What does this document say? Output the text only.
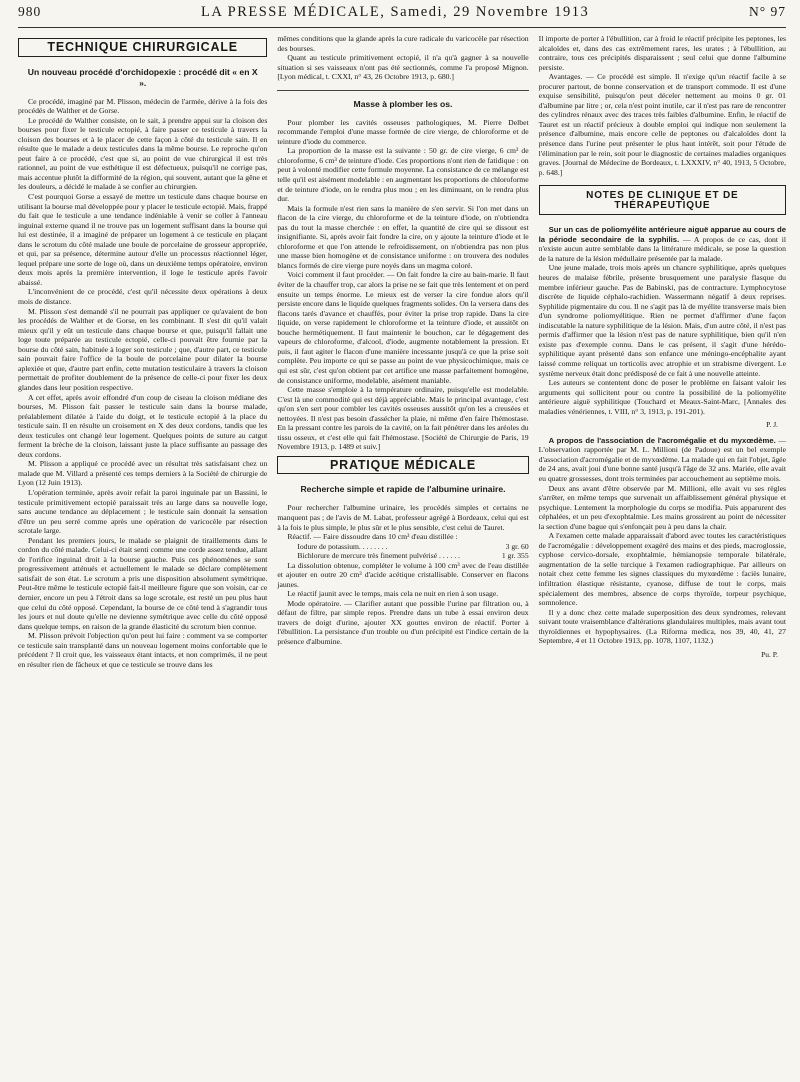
980	LA PRESSE MÉDICALE, Samedi, 29 Novembre 1913	N° 97
TECHNIQUE CHIRURGICALE
Un nouveau procédé d'orchidopexie : procédé dit « en X ».

Ce procédé, imaginé par M. Plisson, médecin de l'armée, dérive à la fois des procédés de Walther et de Gorse.

Le procédé de Walther consiste, on le sait, à prendre appui sur la cloison des bourses pour fixer le testicule ectopié, à faire passer ce testicule à travers la cloison des bourses et à le placer de cette façon à côté du testicule sain. Il en résulte que le malade a deux testicules dans la même bourse. Le reproche qu'on peut faire à ce procédé, c'est que si, au point de vue chirurgical il est très rationnel, au point de vue esthétique il est défectueux, puisqu'il ne corrige pas, mais accentue plutôt la difformité de la région, qui souvent, autant que la gêne et les douleurs, a décidé le malade à se confier au chirurgien.

C'est pourquoi Gorse a essayé de mettre un testicule dans chaque bourse en utilisant la bourse mal développée pour y placer le testicule ectopié. Mais, frappé du fait que le testicule a une tendance indéniable à venir se coller à l'anneau inguinal externe quand il ne trouve pas un logement suffisant dans la bourse qui lui est destinée, il a imaginé de préparer un logement à ce testicule en plaçant dans le scrotum du côté malade une boule de porcelaine de grosseur appropriée, et qui, par sa présence, détermine autour d'elle un processus réactionnel léger, lequel prépare une sorte de loge où, dans un deuxième temps opératoire, environ deux mois après la première intervention, il loge le testicule après l'avoir abaissé.

L'inconvénient de ce procédé, c'est qu'il nécessite deux opérations à deux mois de distance.

M. Plisson s'est demandé s'il ne pourrait pas appliquer ce qu'avaient de bon les procédés de Walther et de Gorse, en les combinant. Il s'est dit qu'il valait mieux qu'il y eût un testicule dans chaque bourse et que, puisqu'il fallait une loge toute préparée au testicule ectopié, celle-ci pouvait être fournie par la bourse du côté sain, habituée à loger son testicule ; que, d'autre part, ce testicule sain pouvait faire l'office de la boule de porcelaine pour dilater la bourse aplexiée et que, d'autre part enfin, cette mutation testiculaire à travers la cloison permettait de profiter doublement de la présence de celle-ci pour fixer les deux glandes dans leur position respective.

A cet effet, après avoir effondré d'un coup de ciseau la cloison médiane des bourses, M. Plisson fait passer le testicule sain dans la bourse malade, préalablement dilatée à l'aide du doigt, et le testicule ectopié à la place du testicule sain. Il en résulte un croisement en X des deux cordons, tandis que les deux testicules ont changé leur logement. Quelques points de suture au catgut ferment la brèche de la cloison, laissant juste la place suffisante au passage des deux cordons.

M. Plisson a appliqué ce procédé avec un résultat très satisfaisant chez un malade que M. Villard a présenté ces temps derniers à la Société de chirurgie de Lyon (12 Juin 1913).

L'opération terminée, après avoir refait la paroi inguinale par un Bassini, le testicule primitivement ectopié paraissait très au large dans sa nouvelle loge, sans aucune tendance au déplacement ; le testicule sain donnait la sensation d'être un peu serré comme après une opération de varicocèle par résection scrotale large.

Pendant les premiers jours, le malade se plaignit de tiraillements dans le cordon du côté malade. Celui-ci était senti comme une corde assez tendue, allant de l'orifice inguinal droit à la bourse gauche. Puis ces phénomènes se sont progressivement atténués et actuellement le malade se déclare complètement satisfait de son état. Le scrotum a pris une disposition absolument symétrique. Peut-être même le testicule ectopié fait-il meilleure figure que son voisin, car ce dernier, encore un peu à l'étroit dans sa loge scrotale, est resté un peu plus haut que celui du côté opposé. Cependant, la bourse de ce côté tend à s'agrandir tous les jours et nul doute qu'elle ne devienne symétrique avec celle du côté opposé dans quelque temps, en raison de la grande élasticité du scrotum bien connue.

M. Plisson prévoit l'objection qu'on peut lui faire : comment va se comporter ce testicule sain transplanté dans un nouveau logement moins confortable que le précédent ? Il croit que, les vaisseaux étant intacts, et non comprimés, il ne peut en résulter rien de fâcheux et que ce testicule se trouve dans les

mêmes conditions que la glande après la cure radicale du varicocèle par résection des bourses.

Quant au testicule primitivement ectopié, il n'a qu'à gagner à sa nouvelle situation si ses vaisseaux n'ont pas été sectionnés, comme l'a proposé Mignon. [Lyon médical, t. CXXI, n° 43, 26 Octobre 1913, p. 680.]

Masse à plomber les os.

Pour plomber les cavités osseuses pathologiques, M. Pierre Delbet recommande l'emploi d'une masse formée de cire vierge, de chloroforme et de teinture d'iode du commerce.

La proportion de la masse est la suivante : 50 gr. de cire vierge, 6 cm³ de chloroforme, 6 cm³ de teinture d'iode. Ces proportions n'ont rien de fatidique : on peut à volonté modifier cette formule moyenne. La consistance de ce mélange est telle qu'il est aisément modelable : en augmentant les proportions de chloroforme et de teinture d'iode, on le rendra plus mou ; en les diminuant, on le rendra plus dur.

Mais la formule n'est rien sans la manière de s'en servir. Si l'on met dans un flacon de la cire vierge, du chloroforme et de la teinture d'iode, on n'obtiendra pas du tout la masse cherchée : en effet, la quantité de cire qui se dissout est insignifiante. Si, après avoir fait fondre la cire, on y ajoute la teinture d'iode et le chloroforme et que l'on attende le refroidissement, on n'obtiendra pas non plus une masse bien homogène et de consistance uniforme : on trouvera des nodules blancs formés de cire vierge pure noyés dans un magma coloré.

Voici comment il faut procéder. — On fait fondre la cire au bain-marie. Il faut éviter de la chauffer trop, car alors la prise ne se fait que très lentement et on perd ensuite un temps énorme. Le mieux est de verser la cire fondue alors qu'il persiste encore dans le liquide quelques fragments solides. On la versera dans des flacons tarés d'avance et chauffés, pour éviter la prise trop rapide. Dans la cire liquide, on verse rapidement le chloroforme et la teinture d'iode, et aussitôt on bouche hermétiquement. Il faut maintenir le bouchon, car le dégagement des vapeurs de chloroforme, d'alcool, d'iode, augmente notablement la pression. Et puis, il faut agiter le flacon d'une manière incessante jusqu'à ce que la prise soit complète. Peu importe ce qui se passe au point de vue physicochimique, mais ce qui est sûr, c'est qu'on obtient par cet artifice une masse parfaitement homogène, de consistance uniforme, modelable, aisément maniable.

Cette masse s'emploie à la température ordinaire, puisqu'elle est modelable. C'est là une commodité qui est déjà appréciable. Mais le principal avantage, c'est qu'on s'en sert pour combler les cavités osseuses aussitôt qu'on les a creusées et nettoyées. Il n'est pas besoin d'assécher la plaie, ni même d'en faire l'hémostase. En la pressant contre les parois de la cavité, on la fait pénétrer dans les aréoles du tissu osseux, et c'est elle qui fait l'hémostase. [Société de Chirurgie de Paris, 19 Novembre 1913, p. 1489 et suiv.]

PRATIQUE MÉDICALE
Recherche simple et rapide de l'albumine urinaire.

Pour rechercher l'albumine urinaire, les procédés simples et certains ne manquent pas ; de l'avis de M. Labat, professeur agrégé à Bordeaux, celui qui est à la fois le plus simple, le plus sûr et le plus sensible, c'est celui de Tauret.

Réactif. — Faire dissoudre dans 10 cm³ d'eau distillée :

Iodure de potassium. . . . . . . .	3 gr. 60
Bichlorure de mercure très finement pulvérisé . . . . . .	1 gr. 355

La dissolution obtenue, compléter le volume à 100 cm³ avec de l'eau distillée et ajouter en outre 20 cm³ d'acide acétique cristallisable. Conserver en flacons jaunes.

Le réactif jaunit avec le temps, mais cela ne nuit en rien à son usage.

Mode opératoire. — Clarifier autant que possible l'urine par filtration ou, à défaut de filtre, par simple repos. Prendre dans un tube à essai environ deux travers de doigt d'urine, ajouter XX gouttes environ de réactif. Porter à l'ébullition. La persistance d'un trouble ou d'un précipité est l'indice certain de la présence d'albumine.

Il importe de porter à l'ébullition, car à froid le réactif précipite les peptones, les alcaloïdes et, dans des cas extrêmement rares, les urates ; à l'ébullition, au contraire, tous ces précipités disparaissent ; seul celui que donne l'albumine persiste.

Avantages. — Ce procédé est simple. Il n'exige qu'un réactif facile à se procurer partout, de bonne conservation et de transport commode. Il est d'une exquise sensibilité, puisqu'on peut déceler nettement au moins 0 gr. 01 d'albumine par litre ; or, cela n'est point inutile, car il n'est pas rare de rencontrer des cylindres rénaux avec des traces très faibles d'albumine. Enfin, le réactif de Tauret est un réactif précieux à double emploi qui indique non seulement la présence d'albumine, mais encore celle de peptones ou d'alcaloïdes dont la présence dans l'urine peut présenter le plus haut intérêt, soit pour l'étude de l'élimination par le rein, soit pour le diagnostic de certaines maladies organiques graves. [Journal de Médecine de Bordeaux, t. LXXXIV, n° 40, 1913, 5 Octobre, p. 648.]

NOTES DE CLINIQUE ET DE THÉRAPEUTIQUE

Sur un cas de poliomyélite antérieure aiguë apparue au cours de la période secondaire de la syphilis. — A propos de ce cas, dont il n'existe aucun autre semblable dans la littérature médicale, se pose la question de la nature de la lésion médullaire présentée par la malade.

Une jeune malade, trois mois après un chancre syphilitique, après quelques heures de malaise fébrile, présente brusquement une paralysie flasque du membre inférieur gauche. Pas de Babinski, pas de contracture. Lymphocytose discrète de liquide céphalo-rachidien. Wassermann négatif à deux reprises. Syphilide pigmentaire du cou. Il ne s'agit pas là de myélite transverse mais bien d'un syndrome poliomyélitique. Rien ne permet d'affirmer d'une façon indiscutable la nature syphilitique de la lésion. Mais, d'un autre côté, il n'est pas permis d'affirmer que la lésion n'est pas de nature syphilitique, bien qu'il n'en existe pas d'exemple connu. Dans le cas présent, il s'agit d'une hérédo-syphilitique ayant présenté dans son enfance une méningo-encéphalite ayant laissé comme reliquat un torticolis avec atrophie et un strabisme divergent. Le système nerveux était donc prédisposé de ce fait à une nouvelle atteinte.

Les auteurs se contentent donc de poser le problème en faisant valoir les arguments qui sollicitent pour ou contre la possibilité de la poliomyélite antérieure aiguë syphilitique (Touchard et Meaux-Saint-Marc, [Annales des maladies vénériennes, t. VIII, n° 3, 1913, p. 191-201).

P. J.

A propos de l'association de l'acromégalie et du myxœdème. — L'observation rapportée par M. L. Millioni (de Padoue) est un bel exemple d'association d'acromégalie et de myxœdème. La malade qui en fait l'objet, âgée de 24 ans, avait joui d'une bonne santé jusqu'à l'âge de 32 ans. Mariée, elle avait eu quatre grossesses, dont trois terminées par accouchement au septième mois.

Deux ans avant d'être observée par M. Millioni, elle avait vu ses règles s'arrêter, en même temps que survenait un affaiblissement général physique et psychique. Lentement la morphologie du corps se modifia. Puis apparurent des céphalées, et un peu d'exophtalmie. Les mains grossirent au point de nécessiter la section d'une bague qui s'enfonçait peu à peu dans la chair.

A l'examen cette malade apparaissait d'abord avec toutes les caractéristiques de l'acromégalie : développement exagéré des mains et des pieds, macroglossie, cyphose cervico-dorsale, exophtalmie, hémianopsie temporale bilatérale, augmentation de la selle turcique à l'examen radiographique. Par ailleurs on notait chez cette femme les signes classiques du myxœdème : faciès lunaire, infiltration élastique résistante, cyanose, diffuse de tout le corps, mais spécialement des membres, absence de corps thyroïde, torpeur psychique, somnolence.

Il y a donc chez cette malade superposition des deux syndromes, relevant suivant toute vraisemblance d'altérations glandulaires multiples, mais avant tout thyroïdiennes et hypophysaires. (La Riforma medica, nos 39, 40, 41, 27 Septembre, 4 et 11 Octobre 1913, pp. 1078, 1107, 1132.)

Pu. P.
